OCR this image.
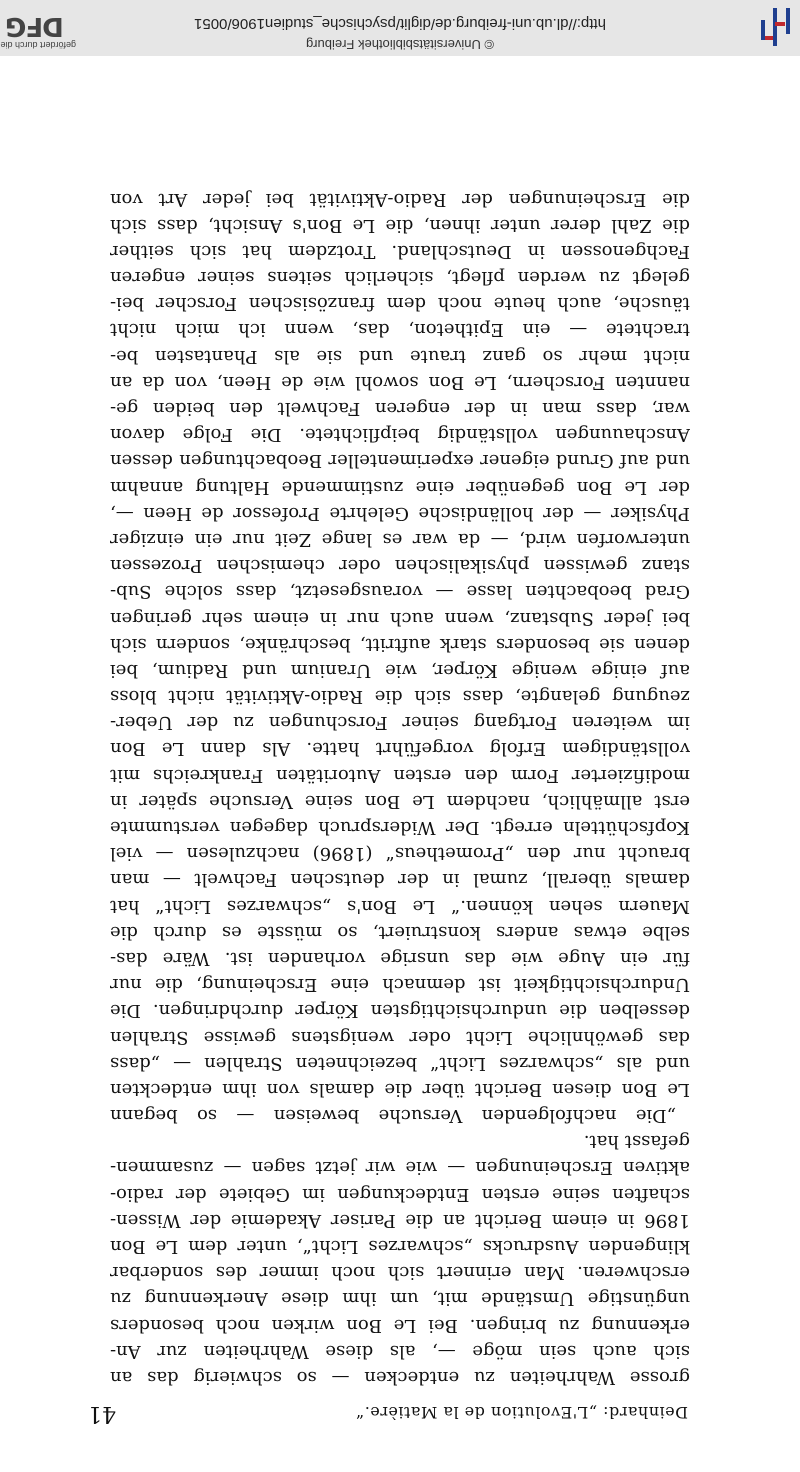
Deinhard: „L'Evolution de la Matière.“
41
grosse Wahrheiten zu entdecken — so schwierig das an
sich auch sein möge —, als diese Wahrheiten zur An-
erkennung zu bringen. Bei Le Bon wirken noch besonders
ungünstige Umstände mit, um ihm diese Anerkennung zu
erschweren. Man erinnert sich noch immer des sonderbar
klingenden Ausdrucks „schwarzes Licht“, unter dem Le Bon
1896 in einem Bericht an die Pariser Akademie der Wissen-
schaften seine ersten Entdeckungen im Gebiete der radio-
aktiven Erscheinungen — wie wir jetzt sagen — zusammen-
gefasst hat.
„Die nachfolgenden Versuche beweisen — so begann
Le Bon diesen Bericht über die damals von ihm entdeckten
und als „schwarzes Licht“ bezeichneten Strahlen — „dass
das gewöhnliche Licht oder wenigstens gewisse Strahlen
desselben die undurchsichtigsten Körper durchdringen. Die
Undurchsichtigkeit ist demnach eine Erscheinung, die nur
für ein Auge wie das unsrige vorhanden ist. Wäre das-
selbe etwas anders konstruiert, so müsste es durch die
Mauern sehen können.“ Le Bon's „schwarzes Licht“ hat
damals überall, zumal in der deutschen Fachwelt — man
braucht nur den „Prometheus“ (1896) nachzulesen — viel
Kopfschütteln erregt. Der Widerspruch dagegen verstummte
erst allmählich, nachdem Le Bon seine Versuche später in
modifizierter Form den ersten Autoritäten Frankreichs mit
vollständigem Erfolg vorgeführt hatte. Als dann Le Bon
im weiteren Fortgang seiner Forschungen zu der Ueber-
zeugung gelangte, dass sich die Radio-Aktivität nicht bloss
auf einige wenige Körper, wie Uranium und Radium, bei
denen sie besonders stark auftritt, beschränke, sondern sich
bei jeder Substanz, wenn auch nur in einem sehr geringen
Grad beobachten lasse — vorausgesetzt, dass solche Sub-
stanz gewissen physikalischen oder chemischen Prozessen
unterworfen wird, — da war es lange Zeit nur ein einziger
Physiker — der holländische Gelehrte Professor de Heen —,
der Le Bon gegenüber eine zustimmende Haltung annahm
und auf Grund eigener experimenteller Beobachtungen dessen
Anschauungen vollständig beipflichtete. Die Folge davon
war, dass man in der engeren Fachwelt den beiden ge-
nannten Forschern, Le Bon sowohl wie de Heen, von da an
nicht mehr so ganz traute und sie als Phantasten be-
trachtete — ein Epitheton, das, wenn ich mich nicht
täusche, auch heute noch dem französischen Forscher bei-
gelegt zu werden pflegt, sicherlich seitens seiner engeren
Fachgenossen in Deutschland. Trotzdem hat sich seither
die Zahl derer unter ihnen, die Le Bon's Ansicht, dass sich
die Erscheinungen der Radio-Aktivität bei jeder Art von
© Universitätsbibliothek Freiburg
http://dl.ub.uni-freiburg.de/diglit/psychische_studien1906/0051
gefördert durch die
DFG
